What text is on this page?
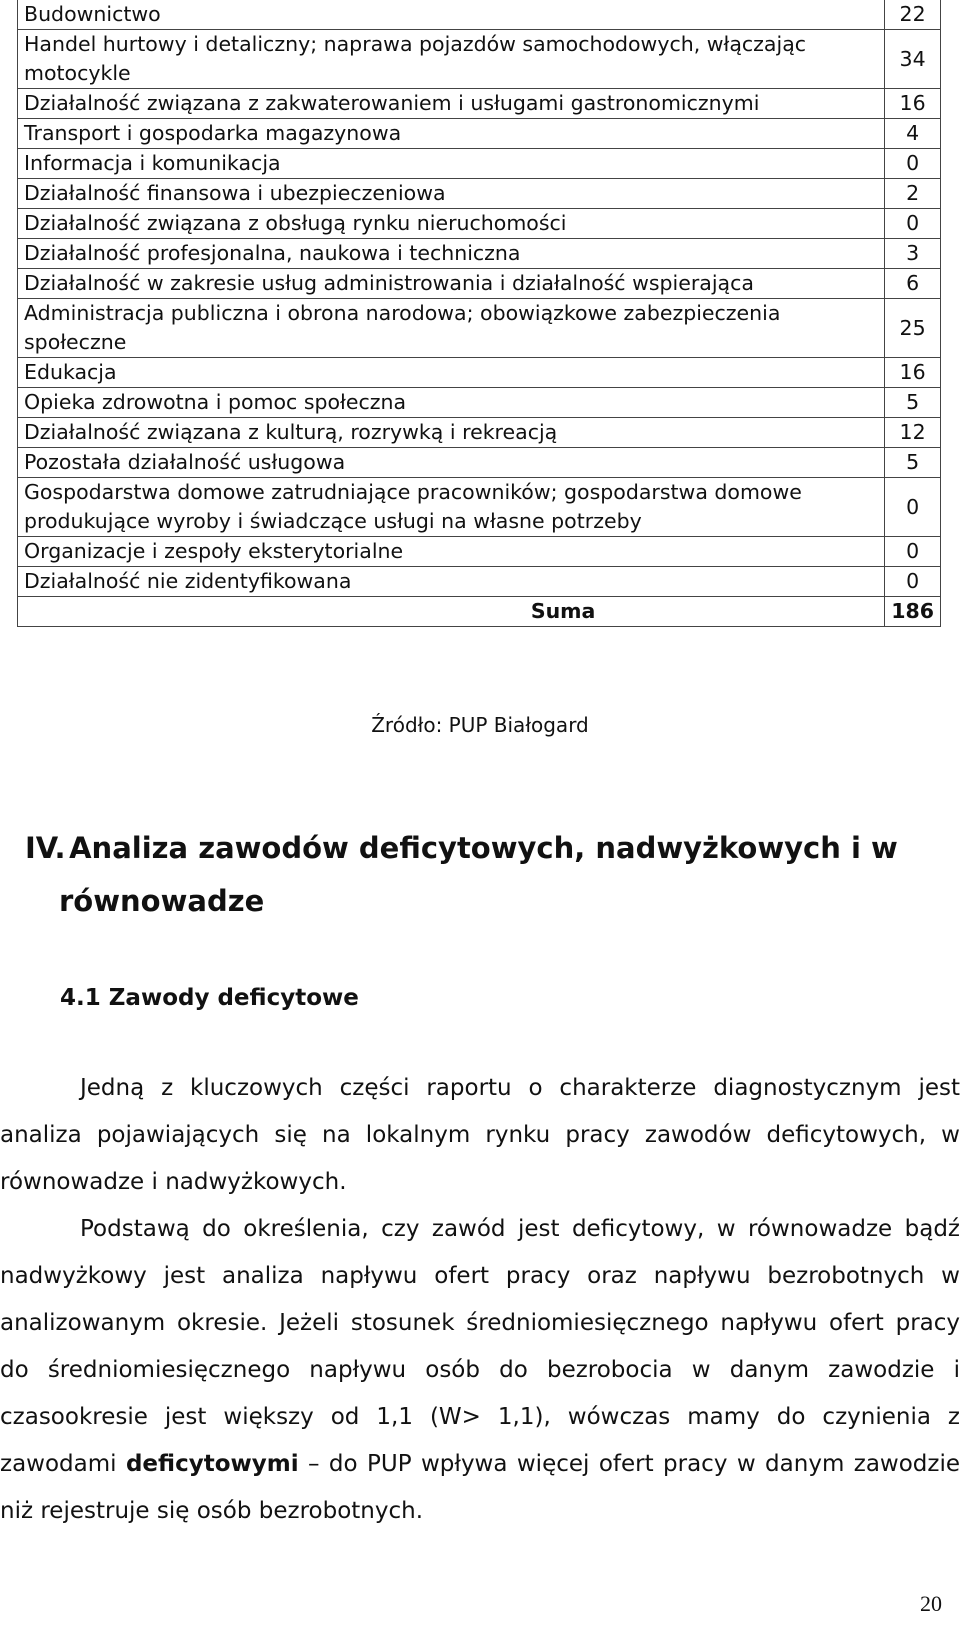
Budownictwo	22
Handel hurtowy i detaliczny; naprawa pojazdów samochodowych, włączając motocykle	34
Działalność związana z zakwaterowaniem i usługami gastronomicznymi	16
Transport i gospodarka magazynowa	4
Informacja i komunikacja	0
Działalność finansowa i ubezpieczeniowa	2
Działalność związana z obsługą rynku nieruchomości	0
Działalność profesjonalna, naukowa i techniczna	3
Działalność w zakresie usług administrowania i działalność wspierająca	6
Administracja publiczna i obrona narodowa; obowiązkowe zabezpieczenia społeczne	25
Edukacja	16
Opieka zdrowotna i pomoc społeczna	5
Działalność związana z kulturą, rozrywką i rekreacją	12
Pozostała działalność usługowa	5
Gospodarstwa domowe zatrudniające pracowników; gospodarstwa domowe produkujące wyroby i świadczące usługi na własne potrzeby	0
Organizacje i zespoły eksterytorialne	0
Działalność nie zidentyfikowana	0
Suma	186
Źródło: PUP Białogard
IV. Analiza zawodów deficytowych, nadwyżkowych i w
równowadze
4.1 Zawody deficytowe

Jedną z kluczowych części raportu o charakterze diagnostycznym jest analiza pojawiających się na lokalnym rynku pracy zawodów deficytowych, w równowadze i nadwyżkowych.

Podstawą do określenia, czy zawód jest deficytowy, w równowadze bądź nadwyżkowy jest analiza napływu ofert pracy oraz napływu bezrobotnych w analizowanym okresie. Jeżeli stosunek średniomiesięcznego napływu ofert pracy do średniomiesięcznego napływu osób do bezrobocia w danym zawodzie i czasookresie jest większy od 1,1 (W> 1,1), wówczas mamy do czynienia z zawodami deficytowymi – do PUP wpływa więcej ofert pracy w danym zawodzie niż rejestruje się osób bezrobotnych.

20
